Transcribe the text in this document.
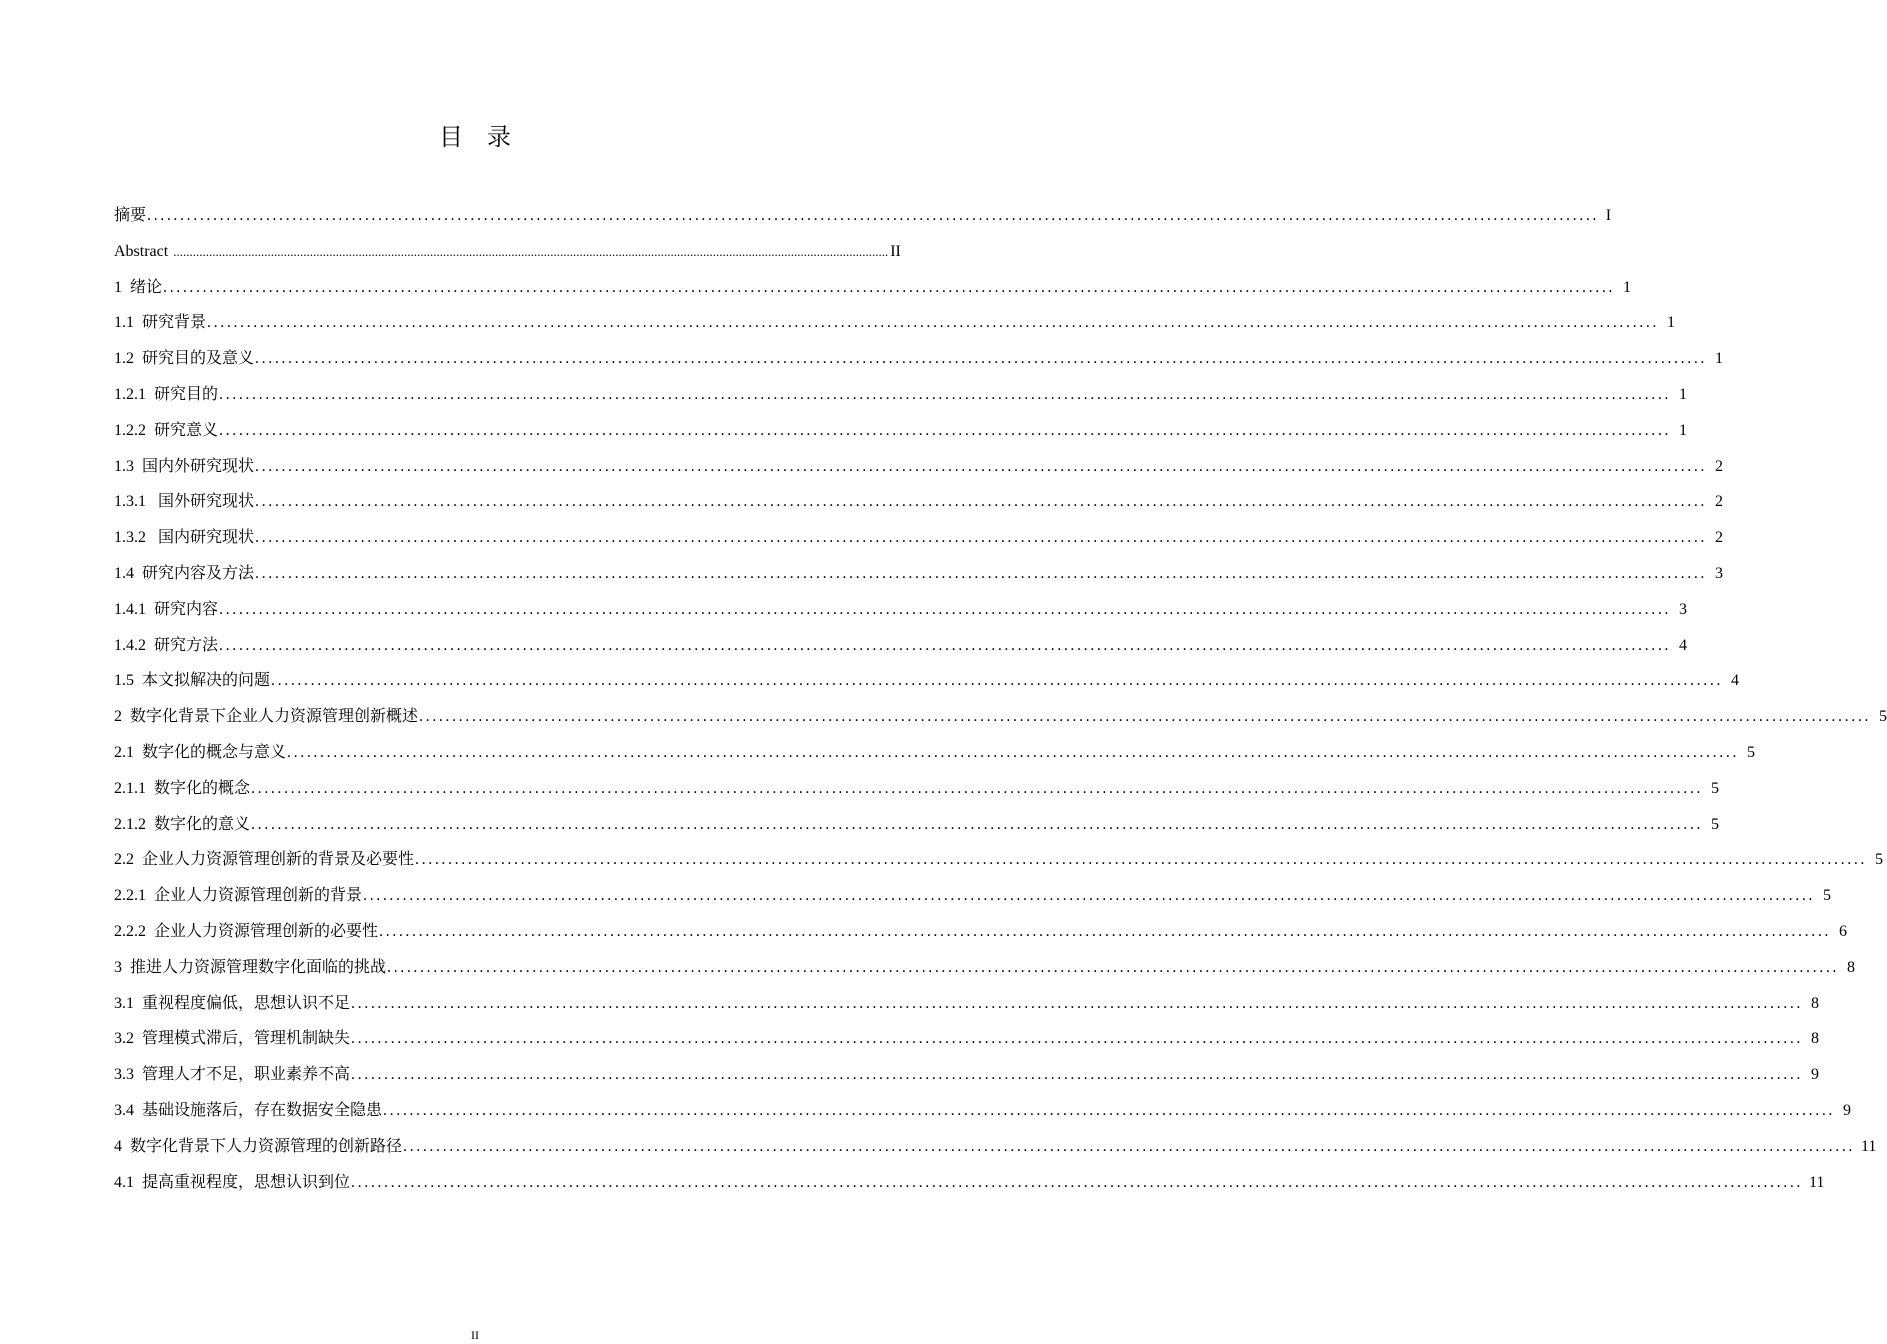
目 录
摘要 ............................................................................................................................................................................................................................ I
Abstract ............................................................................................................................................................................................................................ II
1 绪论 ............................................................................................................................................................................................................................ 1
1.1 研究背景 ............................................................................................................................................................................................................................ 1
1.2 研究目的及意义 ............................................................................................................................................................................................................................ 1
1.2.1 研究目的 ............................................................................................................................................................................................................................ 1
1.2.2 研究意义 ............................................................................................................................................................................................................................ 1
1.3 国内外研究现状 ............................................................................................................................................................................................................................ 2
1.3.1 国外研究现状 ............................................................................................................................................................................................................................ 2
1.3.2 国内研究现状 ............................................................................................................................................................................................................................ 2
1.4 研究内容及方法 ............................................................................................................................................................................................................................ 3
1.4.1 研究内容 ............................................................................................................................................................................................................................ 3
1.4.2 研究方法 ............................................................................................................................................................................................................................ 4
1.5 本文拟解决的问题 ............................................................................................................................................................................................................................ 4
2 数字化背景下企业人力资源管理创新概述 ............................................................................................................................................................................................................................ 5
2.1 数字化的概念与意义 ............................................................................................................................................................................................................................ 5
2.1.1 数字化的概念 ............................................................................................................................................................................................................................ 5
2.1.2 数字化的意义 ............................................................................................................................................................................................................................ 5
2.2 企业人力资源管理创新的背景及必要性 ............................................................................................................................................................................................................................ 5
2.2.1 企业人力资源管理创新的背景 ............................................................................................................................................................................................................................ 5
2.2.2 企业人力资源管理创新的必要性 ............................................................................................................................................................................................................................ 6
3 推进人力资源管理数字化面临的挑战 ............................................................................................................................................................................................................................ 8
3.1 重视程度偏低，思想认识不足 ............................................................................................................................................................................................................................ 8
3.2 管理模式滞后，管理机制缺失 ............................................................................................................................................................................................................................ 8
3.3 管理人才不足，职业素养不高 ............................................................................................................................................................................................................................ 9
3.4 基础设施落后，存在数据安全隐患 ............................................................................................................................................................................................................................ 9
4 数字化背景下人力资源管理的创新路径 ............................................................................................................................................................................................................................ 11
4.1 提高重视程度，思想认识到位 ............................................................................................................................................................................................................................ 11
II
